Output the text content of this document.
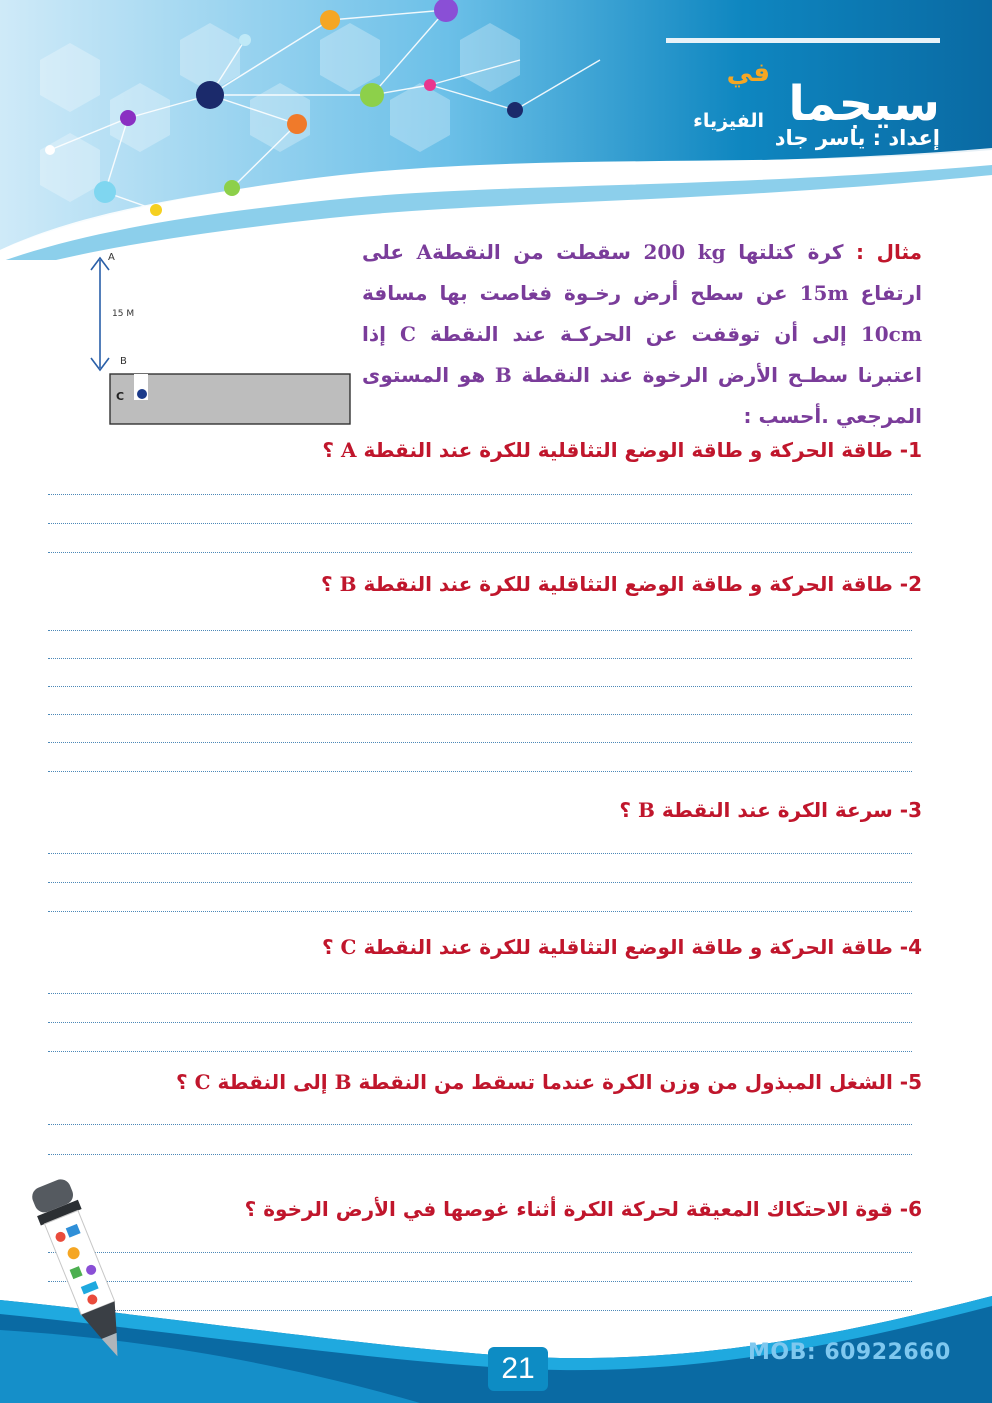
في
سيجما
الفيزياء
إعداد : ياسر جاد
A
15 M
B
C
مثال : كرة كتلتها 200 kg سقطت من النقطةA على ارتفاع 15m عن سطح أرض رخـوة فغاصت بها مسافة 10cm إلى أن توقفت عن الحركـة عند النقطة C إذا اعتبرنا سطـح الأرض الرخوة عند النقطة B هو المستوى المرجعي .أحسب :
1- طاقة الحركة و طاقة الوضع التثاقلية للكرة عند النقطة A ؟
2- طاقة الحركة و طاقة الوضع التثاقلية للكرة عند النقطة B ؟
3- سرعة الكرة عند النقطة B ؟
4- طاقة الحركة و طاقة الوضع التثاقلية للكرة عند النقطة C ؟
5- الشغل المبذول من وزن الكرة عندما تسقط من النقطة B إلى النقطة C ؟
6- قوة الاحتكاك المعيقة لحركة الكرة أثناء غوصها في الأرض الرخوة ؟
MOB: 60922660
21
